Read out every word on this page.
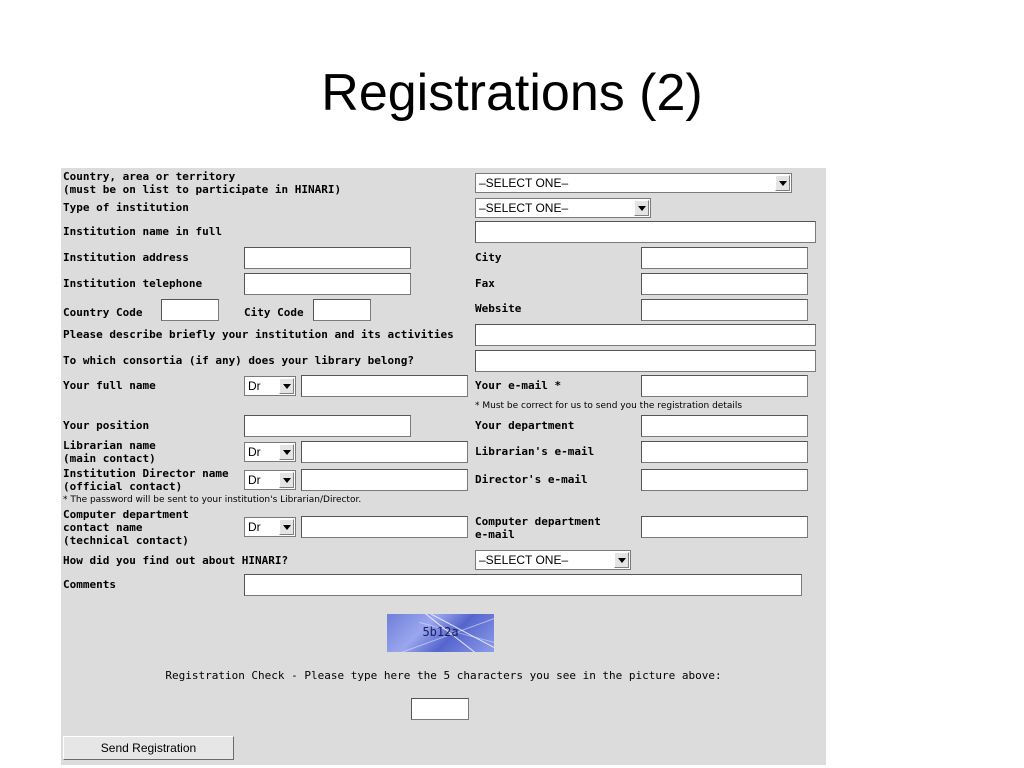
Registrations (2)
Country, area or territory
(must be on list to participate in HINARI)	–SELECT ONE–
Type of institution	–SELECT ONE–
Institution name in full
Institution address	City
Institution telephone	Fax
Country Code	City Code	Website
Please describe briefly your institution and its activities
To which consortia (if any) does your library belong?
Your full name	Dr	Your e-mail *
* Must be correct for us to send you the registration details
Your position	Your department
Librarian name
(main contact)	Dr	Librarian's e-mail
Institution Director name
(official contact)	Dr	Director's e-mail
* The password will be sent to your institution's Librarian/Director.
Computer department
contact name
(technical contact)
Dr	Computer department
e-mail
How did you find out about HINARI?	–SELECT ONE–
Comments
5b12a
Registration Check - Please type here the 5 characters you see in the picture above:
Send Registration
